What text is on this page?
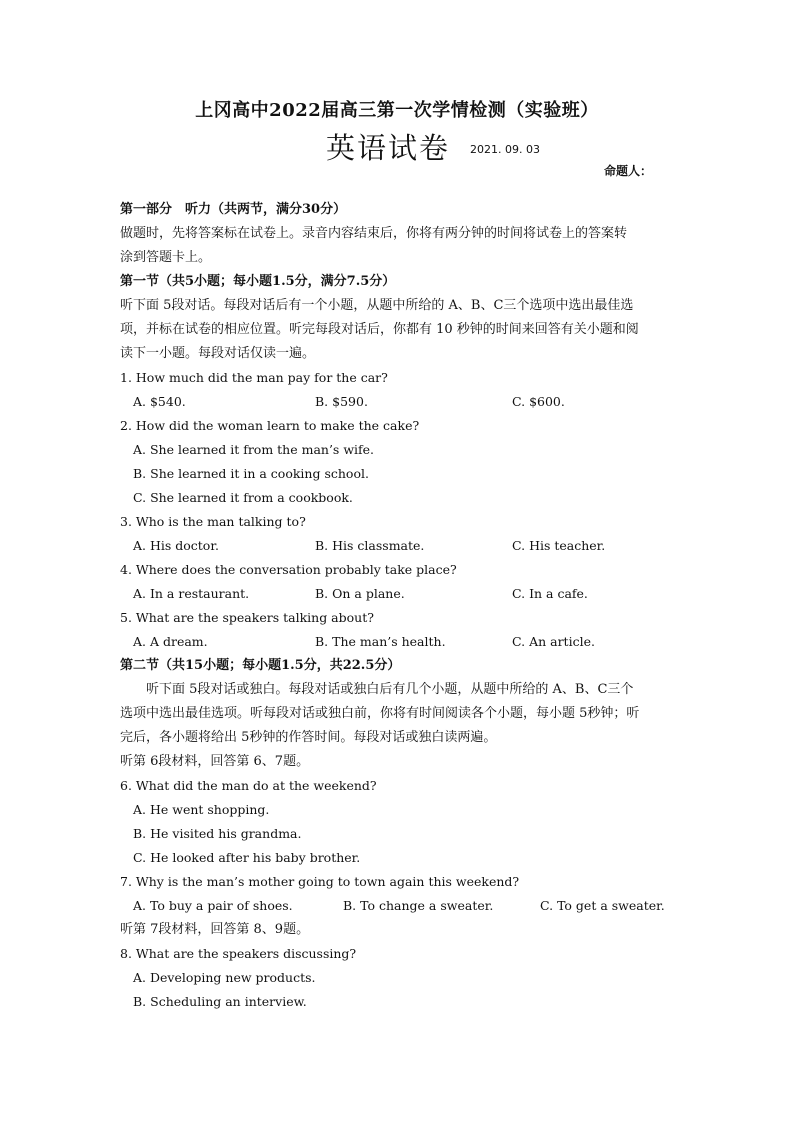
上冈高中2022届高三第一次学情检测（实验班）
英语试卷 2021. 09. 03
命题人：
第一部分　听力（共两节，满分30分）
做题时，先将答案标在试卷上。录音内容结束后，你将有两分钟的时间将试卷上的答案转
涂到答题卡上。
第一节（共5小题；每小题1.5分，满分7.5分）
听下面 5段对话。每段对话后有一个小题，从题中所给的 A、B、C三个选项中选出最佳选
项，并标在试卷的相应位置。听完每段对话后，你都有 10 秒钟的时间来回答有关小题和阅
读下一小题。每段对话仅读一遍。
1. How much did the man pay for the car?
A. $540.	B. $590.	C. $600.
2. How did the woman learn to make the cake?
A. She learned it from the man’s wife.
B. She learned it in a cooking school.
C. She learned it from a cookbook.
3. Who is the man talking to?
A. His doctor.	B. His classmate.	C. His teacher.
4. Where does the conversation probably take place?
A. In a restaurant.	B. On a plane.	C. In a cafe.
5. What are the speakers talking about?
A. A dream.	B. The man’s health.	C. An article.
第二节（共15小题；每小题1.5分，共22.5分）
听下面 5段对话或独白。每段对话或独白后有几个小题，从题中所给的 A、B、C三个
选项中选出最佳选项。听每段对话或独白前，你将有时间阅读各个小题，每小题 5秒钟；听
完后，各小题将给出 5秒钟的作答时间。每段对话或独白读两遍。
听第 6段材料，回答第 6、7题。
6. What did the man do at the weekend?
A. He went shopping.
B. He visited his grandma.
C. He looked after his baby brother.
7. Why is the man’s mother going to town again this weekend?
A. To buy a pair of shoes.	B. To change a sweater.	C. To get a sweater.
听第 7段材料，回答第 8、9题。
8. What are the speakers discussing?
A. Developing new products.
B. Scheduling an interview.
